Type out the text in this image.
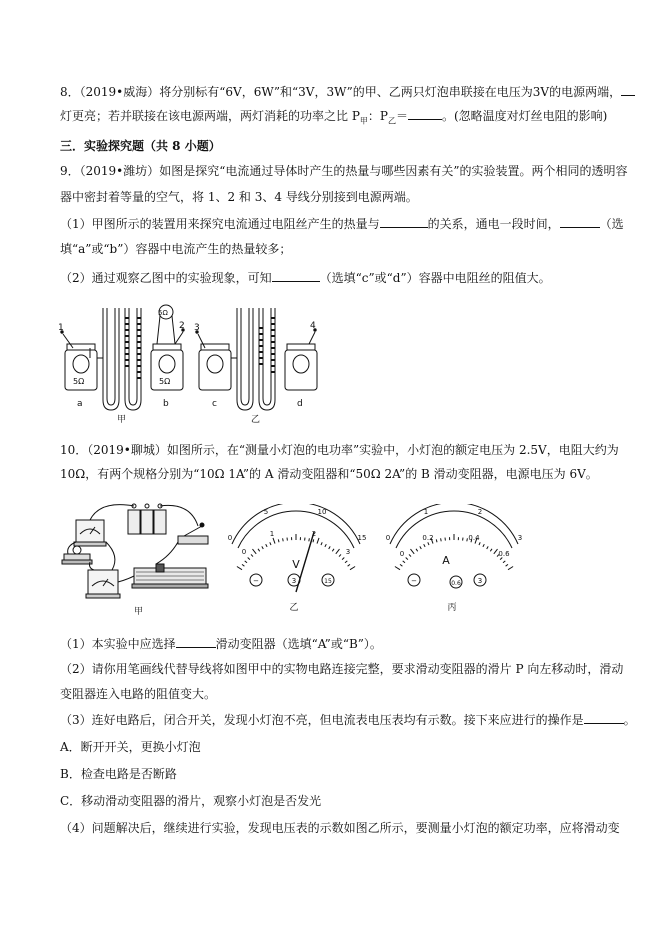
8．（2019•威海）将分别标有“6V，6W”和“3V，3W”的甲、乙两只灯泡串联接在电压为3V的电源两端，
灯更亮；若并联接在该电源两端，两灯消耗的功率之比 $P_甲$：$P_乙=$	。(忽略温度对灯丝电阻的影响)
三．实验探究题（共 8 小题）
9．（2019•潍坊）如图是探究“电流通过导体时产生的热量与哪些因素有关”的实验装置。两个相同的透明容
器中密封着等量的空气，将 1、2 和 3、4 导线分别接到电源两端。
（1）甲图所示的装置用来探究电流通过电阻丝产生的热量与	的关系，通电一段时间，	（选
填“a”或“b”）容器中电流产生的热量较多；
（2）通过观察乙图中的实验现象，可知	（选填“c”或“d”）容器中电阻丝的阻值大。
1	2 3	4
5Ω
5Ω	5Ω
a	b	c	d
甲	乙
10．（2019•聊城）如图所示，在“测量小灯泡的电功率”实验中，小灯泡的额定电压为 2.5V，电阻大约为
10Ω，有两个规格分别为“10Ω 1A”的 A 滑动变阻器和“50Ω 2A”的 B 滑动变阻器，电源电压为 6V。
甲
0
5	10
15
0
1	2
3
V
−	3	15
乙
0
1	2
3
0
0.2	0.4
0.6
A
−	0.6 3
丙
（1）本实验中应选择	滑动变阻器（选填“A”或“B”）。
（2）请你用笔画线代替导线将如图甲中的实物电路连接完整，要求滑动变阻器的滑片 P 向左移动时，滑动
变阻器连入电路的阻值变大。
（3）连好电路后，闭合开关，发现小灯泡不亮，但电流表电压表均有示数。接下来应进行的操作是	。
A．断开开关，更换小灯泡
B．检查电路是否断路
C．移动滑动变阻器的滑片，观察小灯泡是否发光
（4）问题解决后，继续进行实验，发现电压表的示数如图乙所示，要测量小灯泡的额定功率，应将滑动变
